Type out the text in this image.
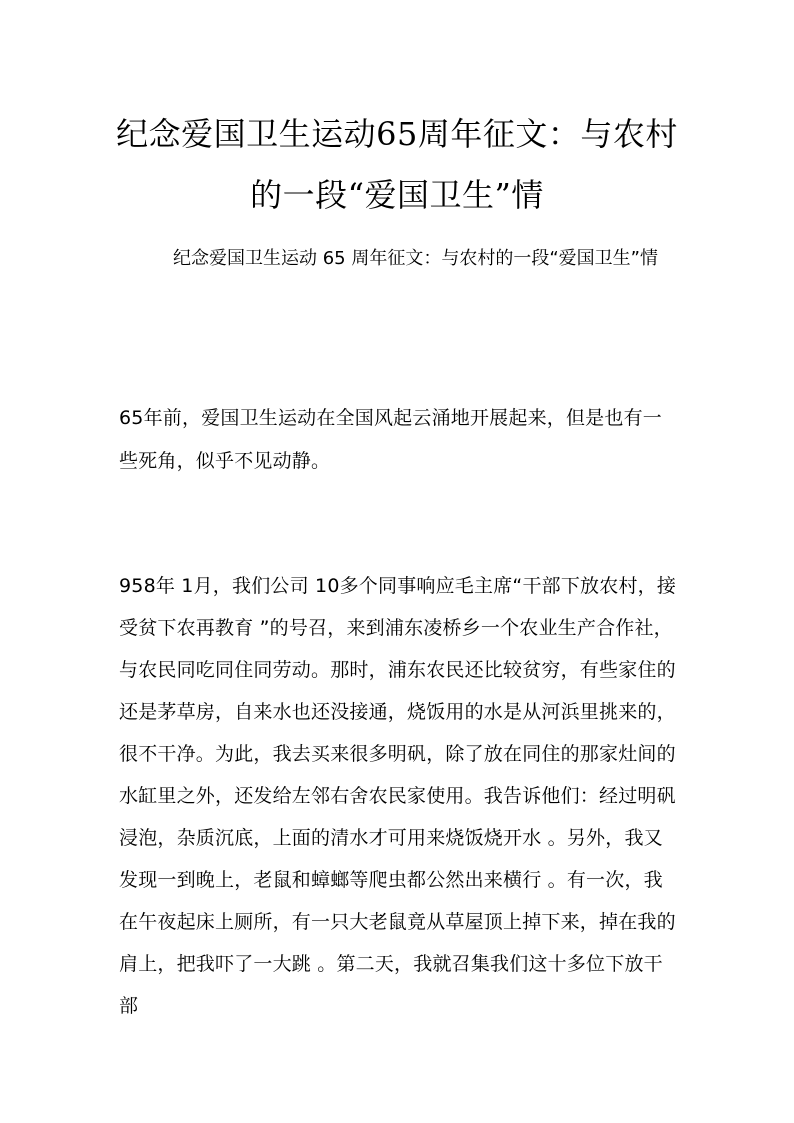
纪念爱国卫生运动65周年征文：与农村的一段“爱国卫生”情

纪念爱国卫生运动 65 周年征文：与农村的一段“爱国卫生”情

65年前，爱国卫生运动在全国风起云涌地开展起来，但是也有一些死角，似乎不见动静。

958年 1月，我们公司 10多个同事响应毛主席“干部下放农村，接受贫下农再教育 ”的号召，来到浦东凌桥乡一个农业生产合作社，与农民同吃同住同劳动。那时，浦东农民还比较贫穷，有些家住的还是茅草房，自来水也还没接通，烧饭用的水是从河浜里挑来的，很不干净。为此，我去买来很多明矾，除了放在同住的那家灶间的水缸里之外，还发给左邻右舍农民家使用。我告诉他们：经过明矾浸泡，杂质沉底，上面的清水才可用来烧饭烧开水 。另外，我又发现一到晚上，老鼠和蟑螂等爬虫都公然出来横行 。有一次，我在午夜起床上厕所，有一只大老鼠竟从草屋顶上掉下来，掉在我的肩上，把我吓了一大跳 。第二天，我就召集我们这十多位下放干部
